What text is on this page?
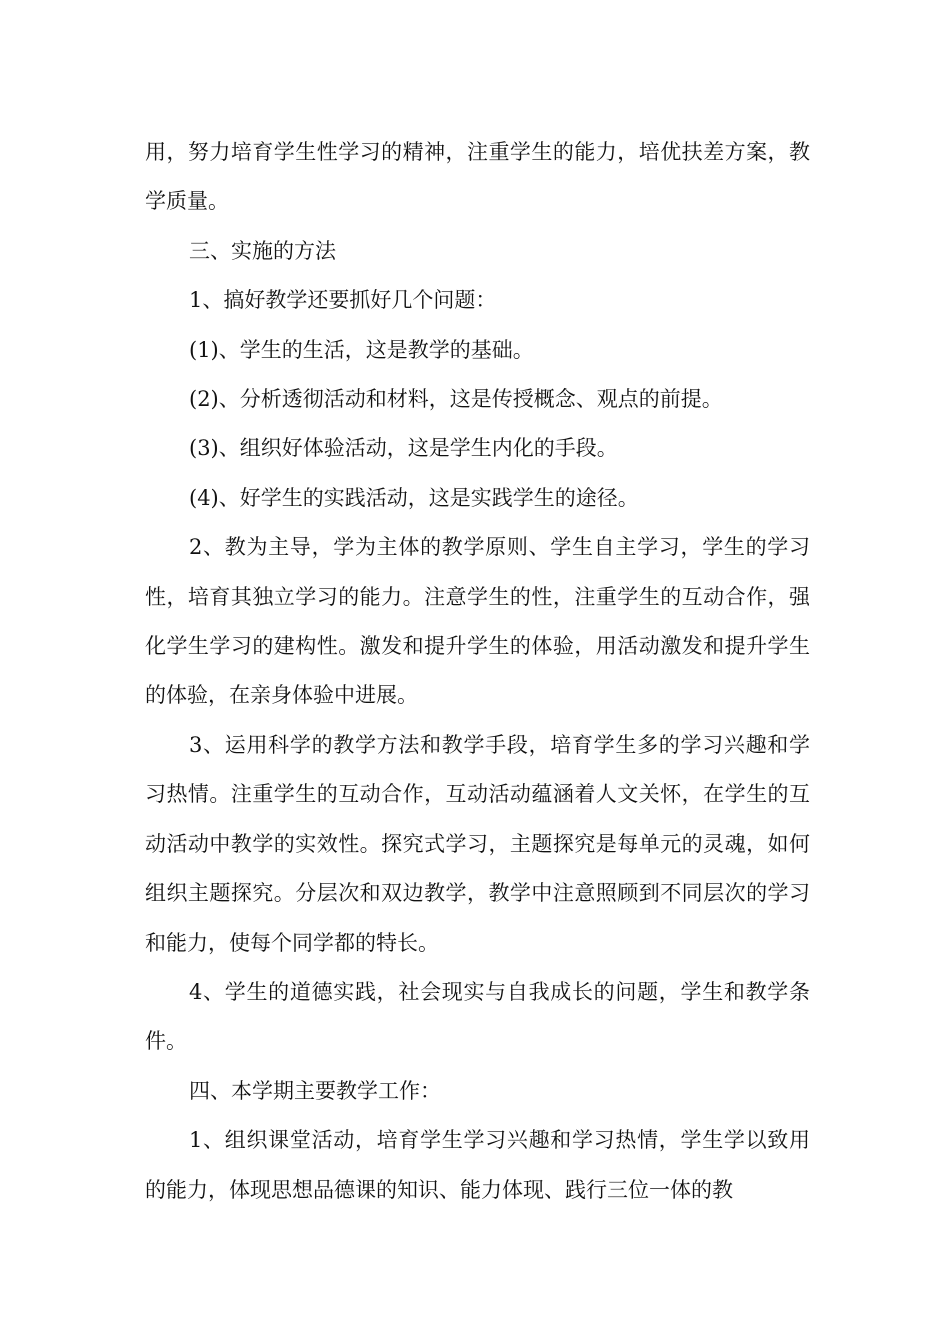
用，努力培育学生性学习的精神，注重学生的能力，培优扶差方案，教学质量。

三、实施的方法

1、搞好教学还要抓好几个问题：

(1)、学生的生活，这是教学的基础。

(2)、分析透彻活动和材料，这是传授概念、观点的前提。

(3)、组织好体验活动，这是学生内化的手段。

(4)、好学生的实践活动，这是实践学生的途径。

2、教为主导，学为主体的教学原则、学生自主学习，学生的学习性，培育其独立学习的能力。注意学生的性，注重学生的互动合作，强化学生学习的建构性。激发和提升学生的体验，用活动激发和提升学生的体验，在亲身体验中进展。

3、运用科学的教学方法和教学手段，培育学生多的学习兴趣和学习热情。注重学生的互动合作，互动活动蕴涵着人文关怀，在学生的互动活动中教学的实效性。探究式学习，主题探究是每单元的灵魂，如何组织主题探究。分层次和双边教学，教学中注意照顾到不同层次的学习和能力，使每个同学都的特长。

4、学生的道德实践，社会现实与自我成长的问题，学生和教学条件。

四、本学期主要教学工作：

1、组织课堂活动，培育学生学习兴趣和学习热情，学生学以致用的能力，体现思想品德课的知识、能力体现、践行三位一体的教
